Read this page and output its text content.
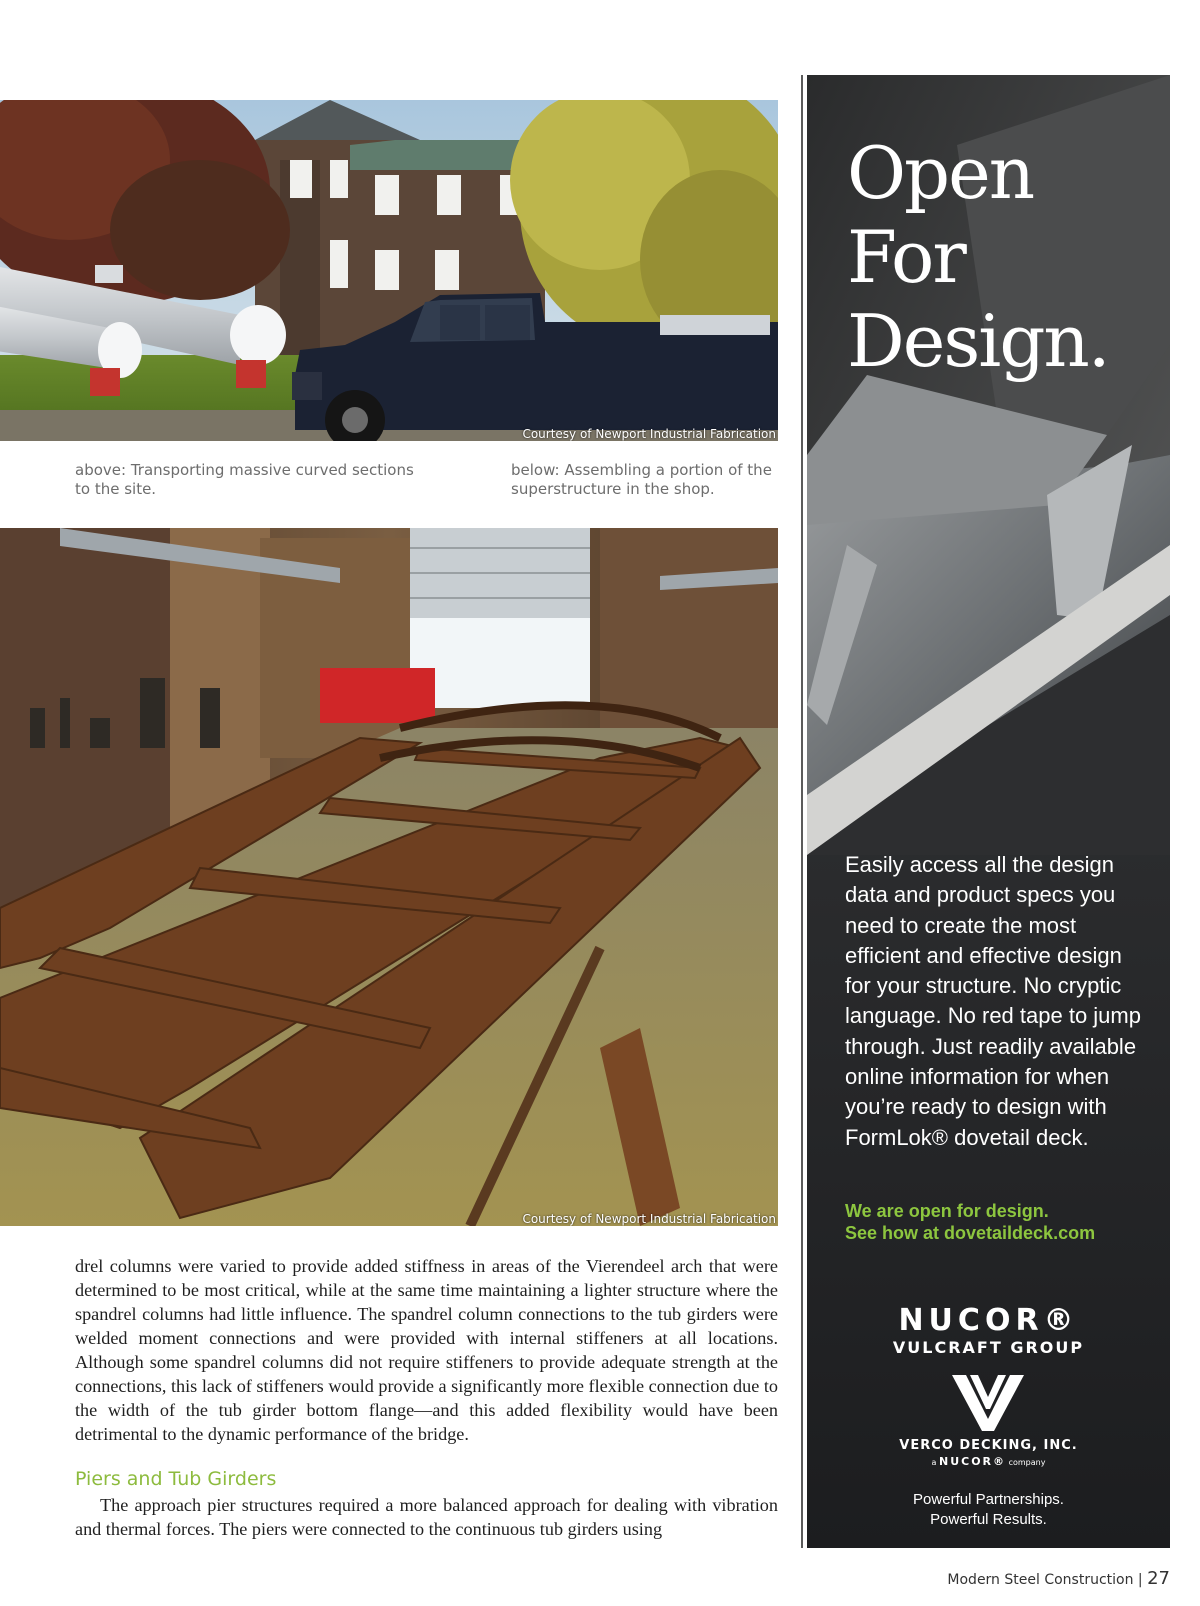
Courtesy of Newport Industrial Fabrication
above: Transporting massive curved sections
to the site.
below: Assembling a portion of the
superstructure in the shop.
Courtesy of Newport Industrial Fabrication

drel columns were varied to provide added stiffness in areas of the Vierendeel arch that were determined to be most critical, while at the same time maintaining a lighter structure where the spandrel columns had little influence. The spandrel column connections to the tub girders were welded moment connections and were provided with internal stiffeners at all locations. Although some spandrel columns did not require stiffeners to provide adequate strength at the connections, this lack of stiffeners would provide a significantly more flexible connection due to the width of the tub girder bottom flange—and this added flexibility would have been detrimental to the dynamic performance of the bridge.

Piers and Tub Girders

The approach pier structures required a more balanced approach for dealing with vibration and thermal forces. The piers were connected to the continuous tub girders using

Open
For
Design.
Easily access all the design data and product specs you need to create the most efficient and effective design for your structure. No cryptic language. No red tape to jump through. Just readily available online information for when you’re ready to design with FormLok® dovetail deck.
We are open for design.
See how at dovetaildeck.com
NUCOR®
VULCRAFT GROUP
VERCO DECKING, INC.
a NUCOR® company
Powerful Partnerships.
Powerful Results.
Modern Steel Construction | 27
